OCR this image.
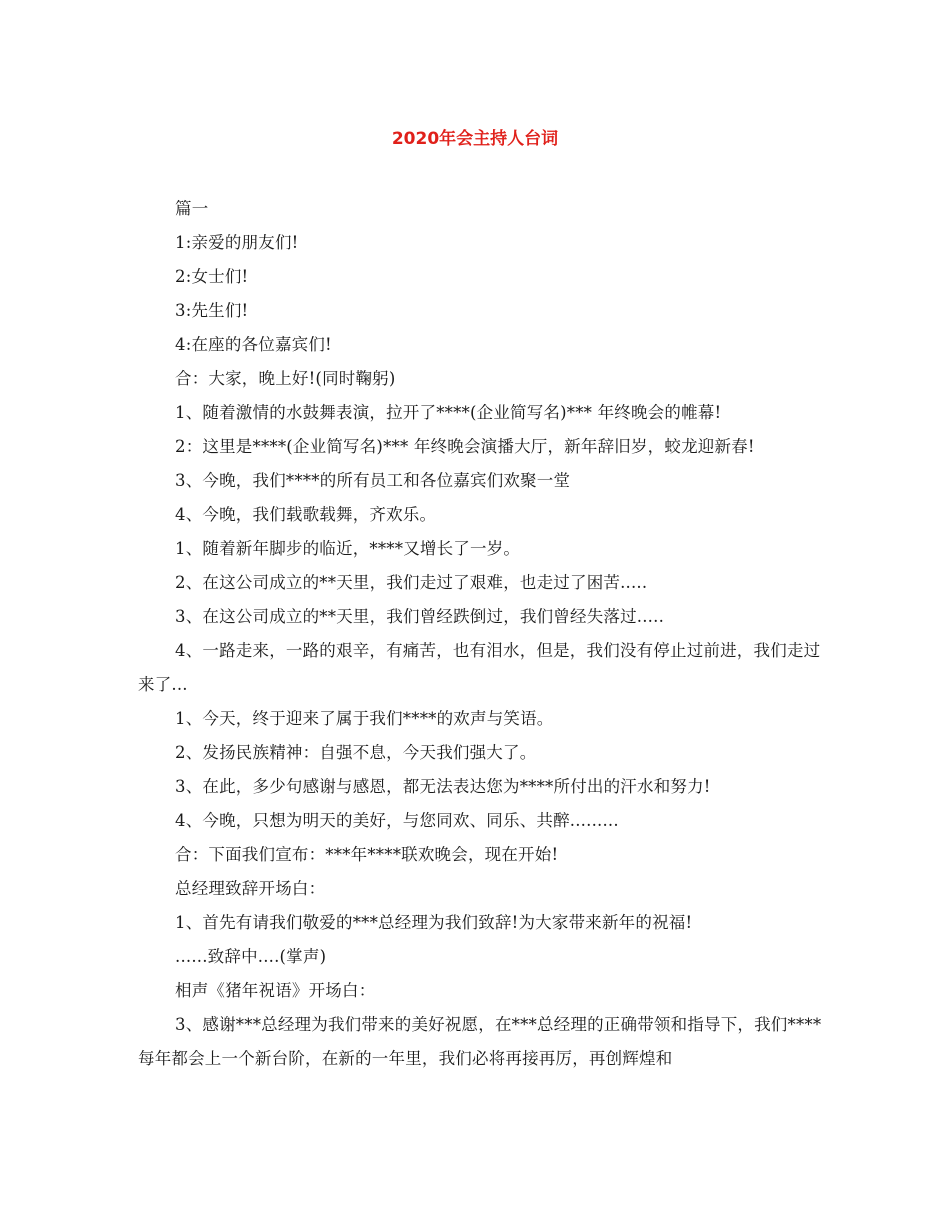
2020年会主持人台词

篇一

1:亲爱的朋友们!

2:女士们!

3:先生们!

4:在座的各位嘉宾们!

合：大家，晚上好!(同时鞠躬)

1、随着激情的水鼓舞表演，拉开了****(企业简写名)*** 年终晚会的帷幕!

2：这里是****(企业简写名)*** 年终晚会演播大厅，新年辞旧岁，蛟龙迎新春!

3、今晚，我们****的所有员工和各位嘉宾们欢聚一堂

4、今晚，我们载歌载舞，齐欢乐。

1、随着新年脚步的临近，****又增长了一岁。

2、在这公司成立的**天里，我们走过了艰难，也走过了困苦.....

3、在这公司成立的**天里，我们曾经跌倒过，我们曾经失落过.....

4、一路走来，一路的艰辛，有痛苦，也有泪水，但是，我们没有停止过前进，我们走过来了...

1、今天，终于迎来了属于我们****的欢声与笑语。

2、发扬民族精神：自强不息，今天我们强大了。

3、在此，多少句感谢与感恩，都无法表达您为****所付出的汗水和努力!

4、今晚，只想为明天的美好，与您同欢、同乐、共醉.........

合：下面我们宣布：***年****联欢晚会，现在开始!

总经理致辞开场白：

1、首先有请我们敬爱的***总经理为我们致辞!为大家带来新年的祝福!

......致辞中....(掌声)

相声《猪年祝语》开场白：

3、感谢***总经理为我们带来的美好祝愿，在***总经理的正确带领和指导下，我们****每年都会上一个新台阶，在新的一年里，我们必将再接再厉，再创辉煌和
